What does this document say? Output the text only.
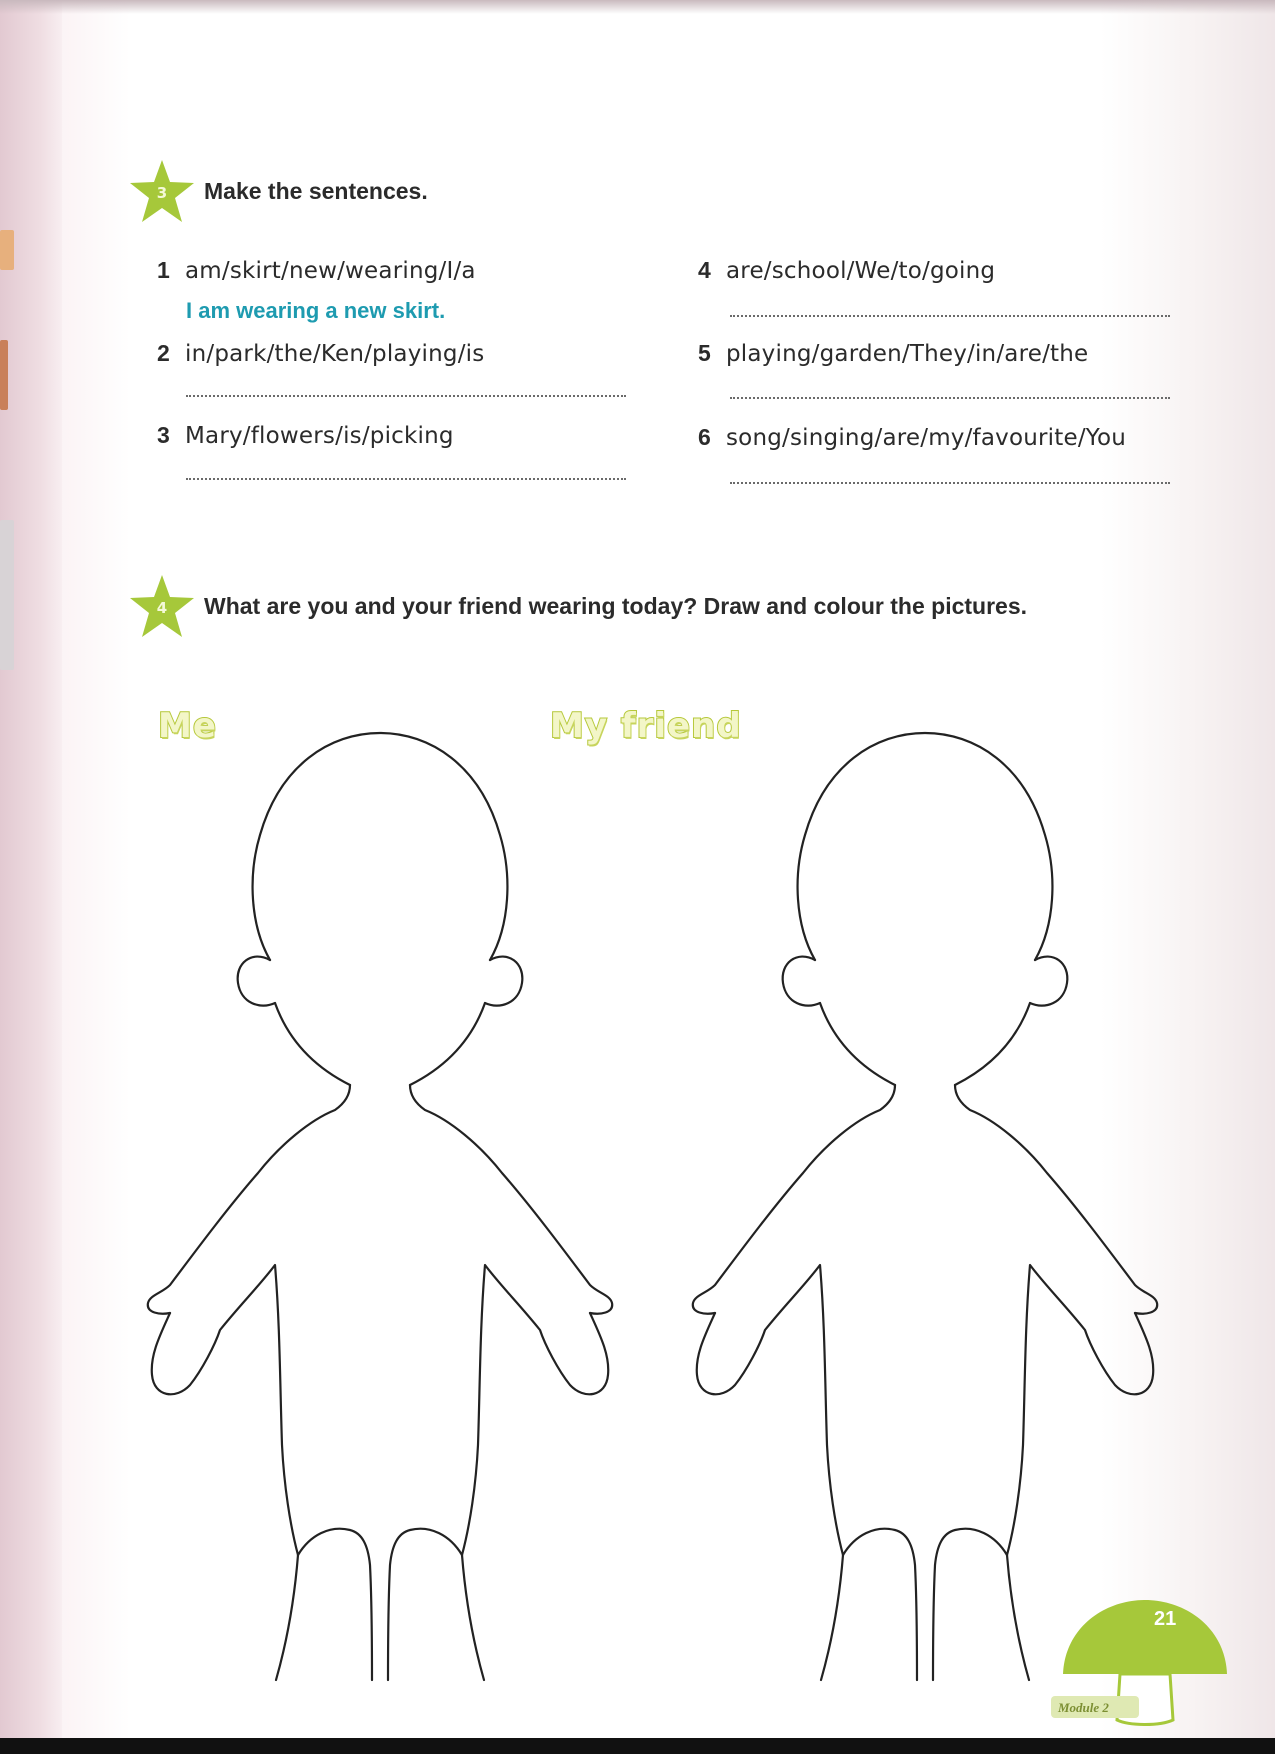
3	Make the sentences.
1 am/skirt/new/wearing/I/a
I am wearing a new skirt.
2 in/park/the/Ken/playing/is
3 Mary/flowers/is/picking
4 are/school/We/to/going
5 playing/garden/They/in/are/the
6 song/singing/are/my/favourite/You
4	What are you and your friend wearing today? Draw and colour the pictures.
Me	My friend
21
Module 2
